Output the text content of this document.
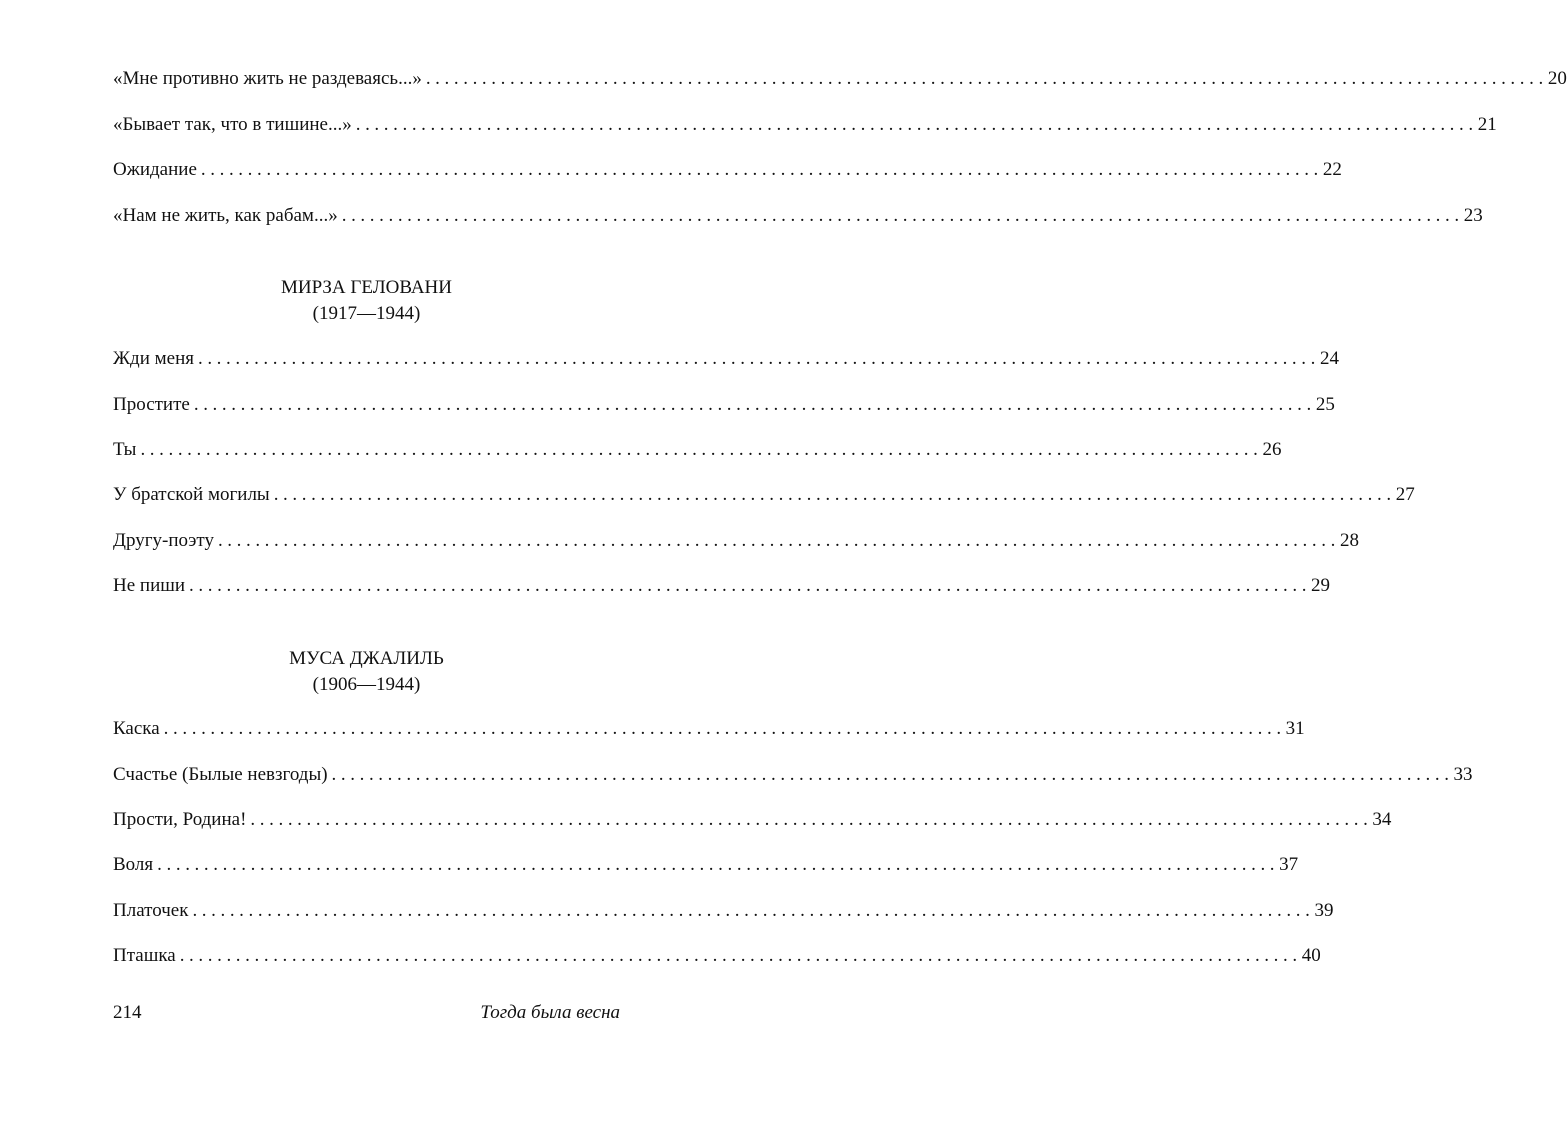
«Мне противно жить не раздеваясь...» ........................................................................................................................ 20
«Бывает так, что в тишине...» ........................................................................................................................ 21
Ожидание ........................................................................................................................ 22
«Нам не жить, как рабам...» ........................................................................................................................ 23
МИРЗА ГЕЛОВАНИ
(1917—1944)
Жди меня ........................................................................................................................ 24
Простите ........................................................................................................................ 25
Ты ........................................................................................................................ 26
У братской могилы ........................................................................................................................ 27
Другу-поэту ........................................................................................................................ 28
Не пиши ........................................................................................................................ 29
МУСА ДЖАЛИЛЬ
(1906—1944)
Каска ........................................................................................................................ 31
Счастье (Былые невзгоды) ........................................................................................................................ 33
Прости, Родина! ........................................................................................................................ 34
Воля ........................................................................................................................ 37
Платочек ........................................................................................................................ 39
Пташка ........................................................................................................................ 40
214	Тогда была весна
